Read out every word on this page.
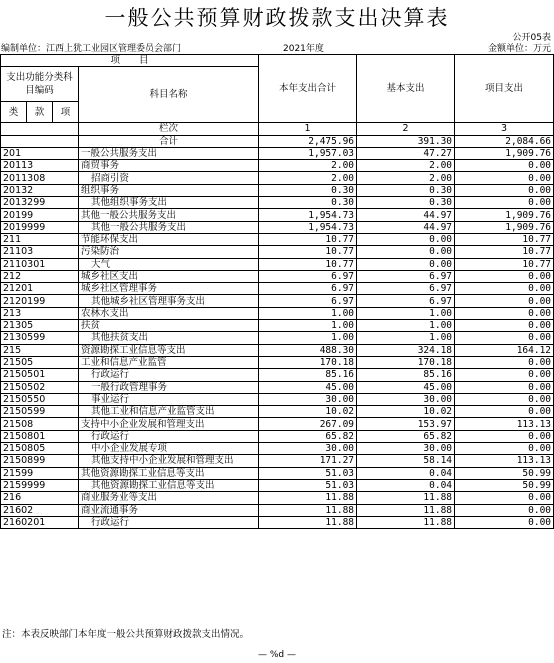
一般公共预算财政拨款支出决算表
公开05表
编制单位：江西上犹工业园区管理委员会部门	2021年度	金额单位：万元
项　　目				本年支出合计	基本支出	项目支出
支出功能分类科目编码			科目名称			
类	款	项				
			栏次	1	2	3
			合计	2,475.96	391.30	2,084.66
201			一般公共服务支出	1,957.03	47.27	1,909.76
20113			商贸事务	2.00	2.00	0.00
2011308			招商引资	2.00	2.00	0.00
20132			组织事务	0.30	0.30	0.00
2013299			其他组织事务支出	0.30	0.30	0.00
20199			其他一般公共服务支出	1,954.73	44.97	1,909.76
2019999			其他一般公共服务支出	1,954.73	44.97	1,909.76
211			节能环保支出	10.77	0.00	10.77
21103			污染防治	10.77	0.00	10.77
2110301			大气	10.77	0.00	10.77
212			城乡社区支出	6.97	6.97	0.00
21201			城乡社区管理事务	6.97	6.97	0.00
2120199			其他城乡社区管理事务支出	6.97	6.97	0.00
213			农林水支出	1.00	1.00	0.00
21305			扶贫	1.00	1.00	0.00
2130599			其他扶贫支出	1.00	1.00	0.00
215			资源勘探工业信息等支出	488.30	324.18	164.12
21505			工业和信息产业监管	170.18	170.18	0.00
2150501			行政运行	85.16	85.16	0.00
2150502			一般行政管理事务	45.00	45.00	0.00
2150550			事业运行	30.00	30.00	0.00
2150599			其他工业和信息产业监管支出	10.02	10.02	0.00
21508			支持中小企业发展和管理支出	267.09	153.97	113.13
2150801			行政运行	65.82	65.82	0.00
2150805			中小企业发展专项	30.00	30.00	0.00
2150899			其他支持中小企业发展和管理支出	171.27	58.14	113.13
21599			其他资源勘探工业信息等支出	51.03	0.04	50.99
2159999			其他资源勘探工业信息等支出	51.03	0.04	50.99
216			商业服务业等支出	11.88	11.88	0.00
21602			商业流通事务	11.88	11.88	0.00
2160201			行政运行	11.88	11.88	0.00
注：本表反映部门本年度一般公共预算财政拨款支出情况。
— %d —
